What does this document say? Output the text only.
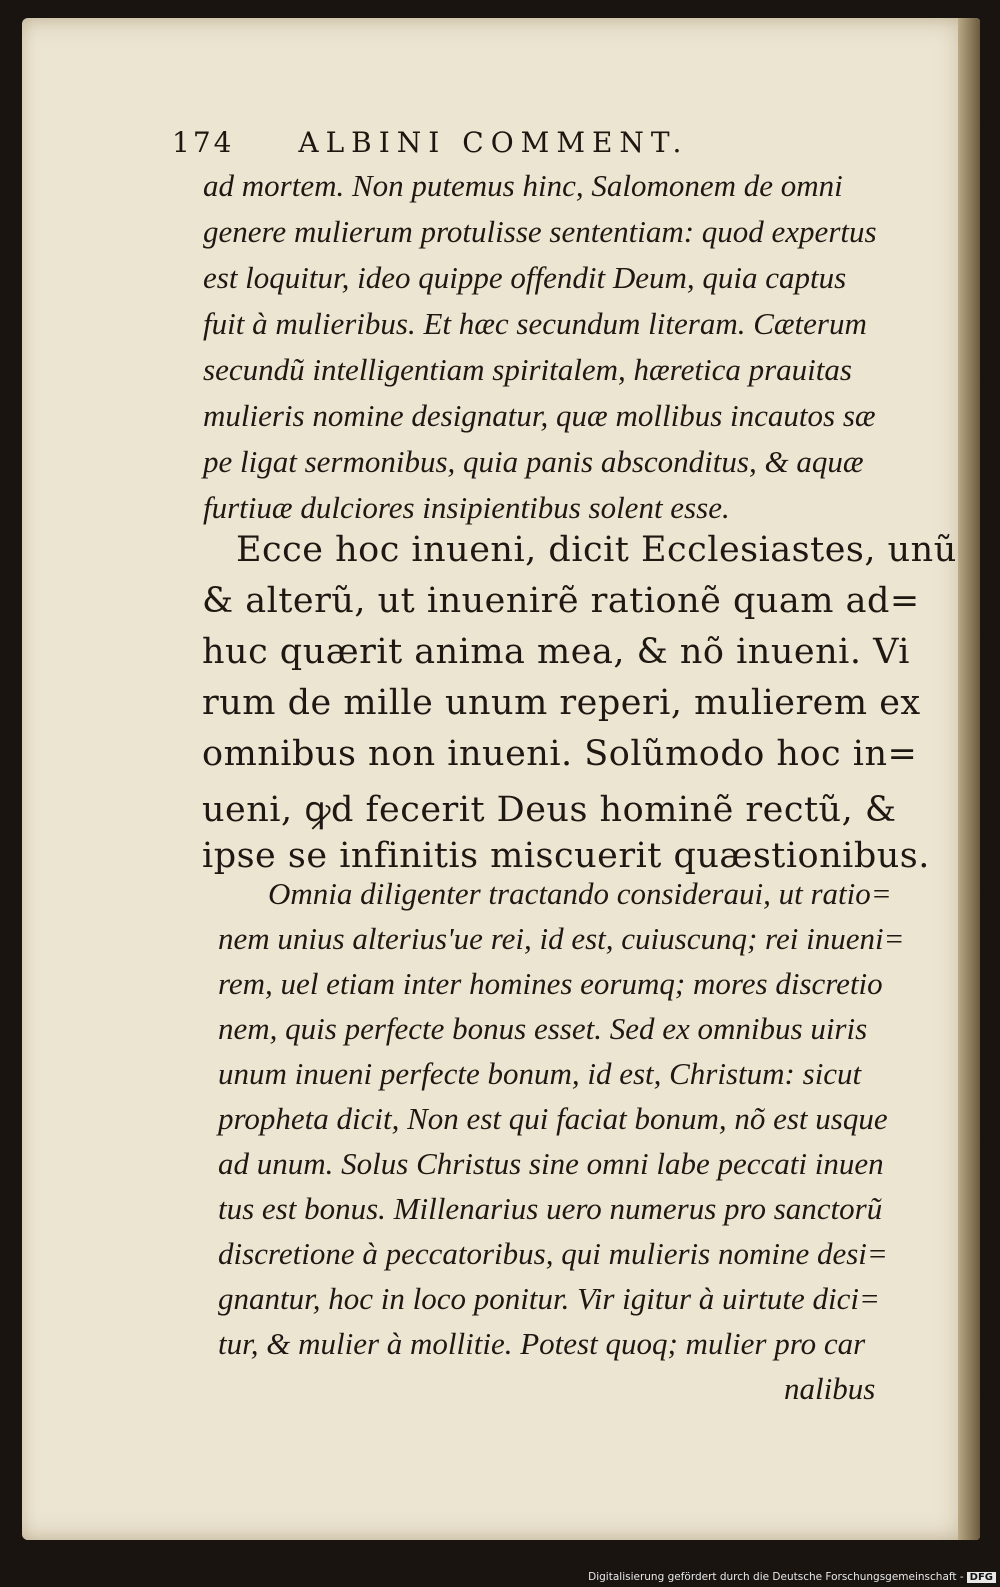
174 ALBINI COMMENT.
ad mortem. Non putemus hinc, Salomonem de omni
genere mulierum protulisse sententiam: quod expertus
est loquitur, ideo quippe offendit Deum, quia captus
fuit à mulieribus. Et hæc secundum literam. Cæterum
secundũ intelligentiam spiritalem, hæretica prauitas
mulieris nomine designatur, quæ mollibus incautos sæ
pe ligat sermonibus, quia panis absconditus, & aquæ
furtiuæ dulciores insipientibus solent esse.
Ecce hoc inueni, dicit Ecclesiastes, unũ
& alterũ, ut inuenirẽ rationẽ quam ad=
huc quærit anima mea, & nõ inueni. Vi
rum de mille unum reperi, mulierem ex
omnibus non inueni. Solũmodo hoc in=
ueni, ꝙd fecerit Deus hominẽ rectũ, &
ipse se infinitis miscuerit quæstionibus.
Omnia diligenter tractando consideraui, ut ratio=
nem unius alterius'ue rei, id est, cuiuscunq; rei inueni=
rem, uel etiam inter homines eorumq; mores discretio
nem, quis perfecte bonus esset. Sed ex omnibus uiris
unum inueni perfecte bonum, id est, Christum: sicut
propheta dicit, Non est qui faciat bonum, nõ est usque
ad unum. Solus Christus sine omni labe peccati inuen
tus est bonus. Millenarius uero numerus pro sanctorũ
discretione à peccatoribus, qui mulieris nomine desi=
gnantur, hoc in loco ponitur. Vir igitur à uirtute dici=
tur, & mulier à mollitie. Potest quoq; mulier pro car
nalibus
Digitalisierung gefördert durch die Deutsche Forschungsgemeinschaft - DFG
